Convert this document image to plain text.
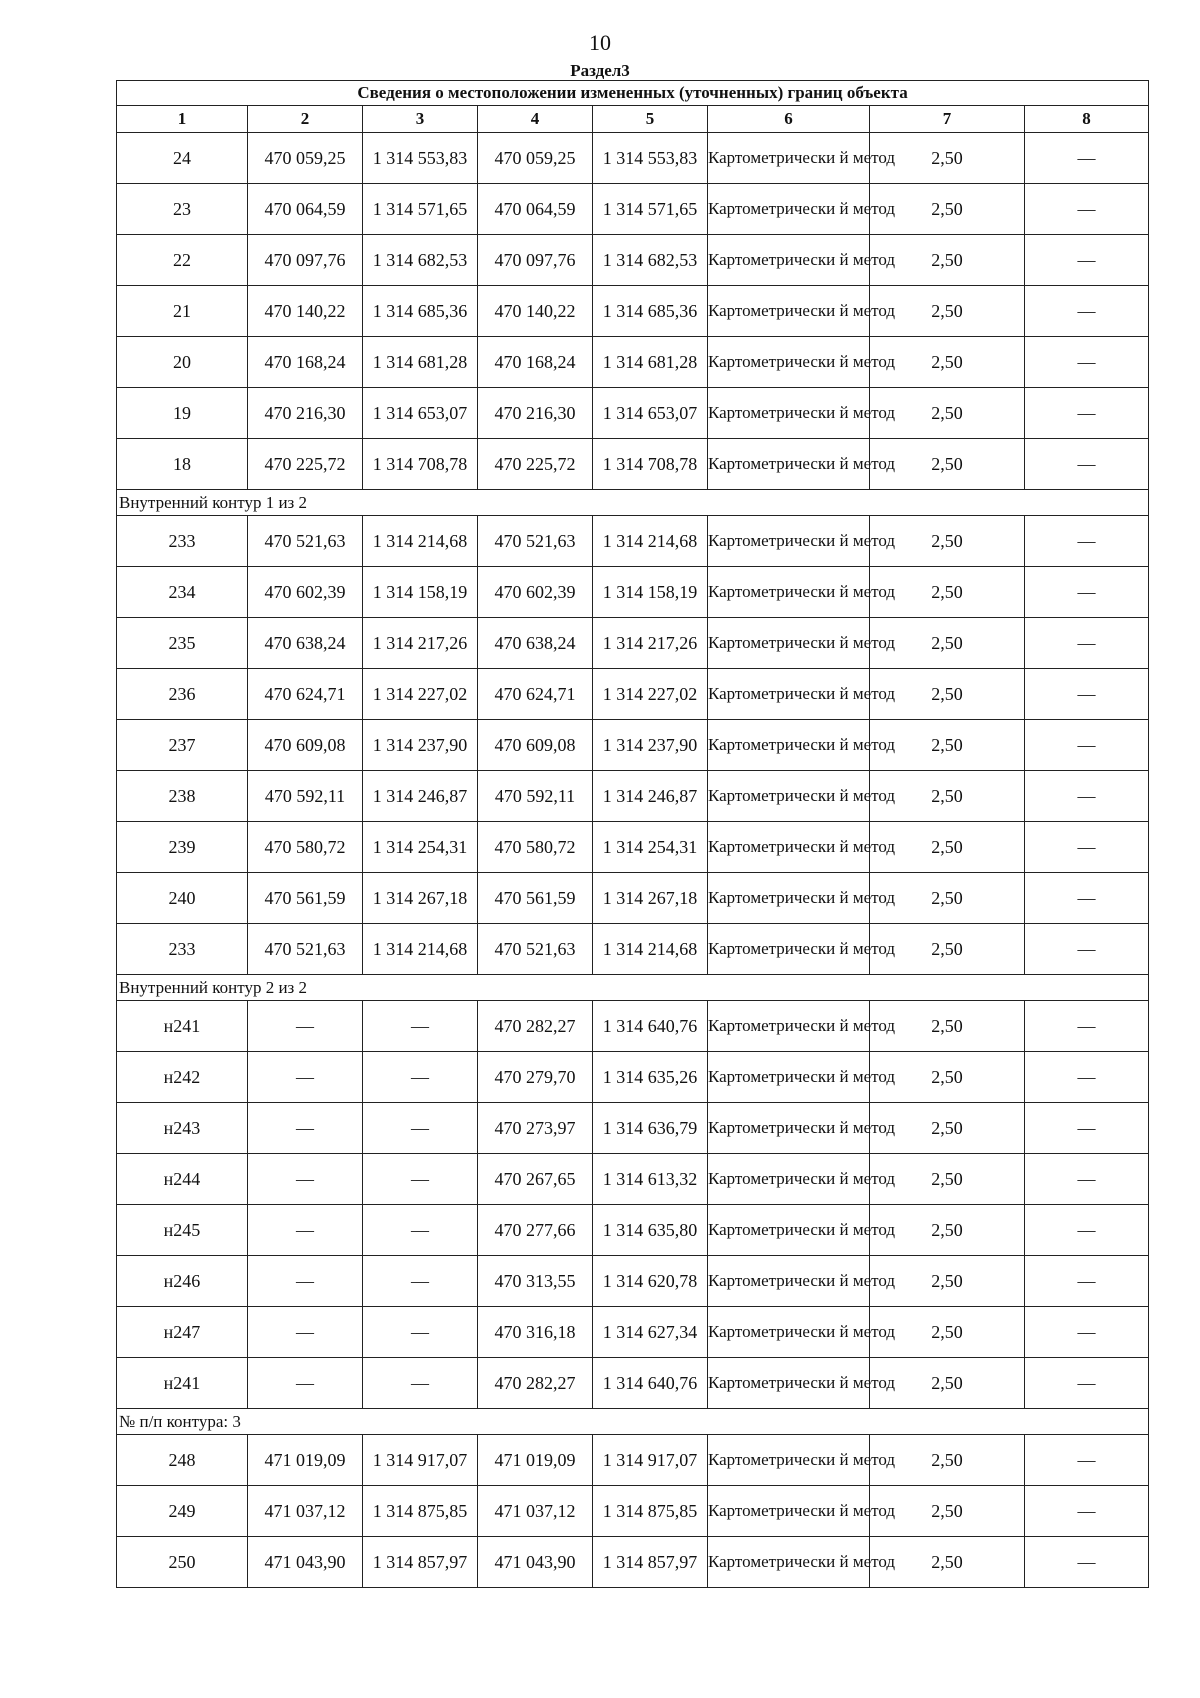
10
Раздел3
Сведения о местоположении измененных (уточненных) границ объекта							
1	2	3	4	5	6	7	8
24	470 059,25	1 314 553,83	470 059,25	1 314 553,83	Картометрически й метод	2,50	—
23	470 064,59	1 314 571,65	470 064,59	1 314 571,65	Картометрически й метод	2,50	—
22	470 097,76	1 314 682,53	470 097,76	1 314 682,53	Картометрически й метод	2,50	—
21	470 140,22	1 314 685,36	470 140,22	1 314 685,36	Картометрически й метод	2,50	—
20	470 168,24	1 314 681,28	470 168,24	1 314 681,28	Картометрически й метод	2,50	—
19	470 216,30	1 314 653,07	470 216,30	1 314 653,07	Картометрически й метод	2,50	—
18	470 225,72	1 314 708,78	470 225,72	1 314 708,78	Картометрически й метод	2,50	—
Внутренний контур 1 из 2							
233	470 521,63	1 314 214,68	470 521,63	1 314 214,68	Картометрически й метод	2,50	—
234	470 602,39	1 314 158,19	470 602,39	1 314 158,19	Картометрически й метод	2,50	—
235	470 638,24	1 314 217,26	470 638,24	1 314 217,26	Картометрически й метод	2,50	—
236	470 624,71	1 314 227,02	470 624,71	1 314 227,02	Картометрически й метод	2,50	—
237	470 609,08	1 314 237,90	470 609,08	1 314 237,90	Картометрически й метод	2,50	—
238	470 592,11	1 314 246,87	470 592,11	1 314 246,87	Картометрически й метод	2,50	—
239	470 580,72	1 314 254,31	470 580,72	1 314 254,31	Картометрически й метод	2,50	—
240	470 561,59	1 314 267,18	470 561,59	1 314 267,18	Картометрически й метод	2,50	—
233	470 521,63	1 314 214,68	470 521,63	1 314 214,68	Картометрически й метод	2,50	—
Внутренний контур 2 из 2							
н241	—	—	470 282,27	1 314 640,76	Картометрически й метод	2,50	—
н242	—	—	470 279,70	1 314 635,26	Картометрически й метод	2,50	—
н243	—	—	470 273,97	1 314 636,79	Картометрически й метод	2,50	—
н244	—	—	470 267,65	1 314 613,32	Картометрически й метод	2,50	—
н245	—	—	470 277,66	1 314 635,80	Картометрически й метод	2,50	—
н246	—	—	470 313,55	1 314 620,78	Картометрически й метод	2,50	—
н247	—	—	470 316,18	1 314 627,34	Картометрически й метод	2,50	—
н241	—	—	470 282,27	1 314 640,76	Картометрически й метод	2,50	—
№ п/п контура: 3							
248	471 019,09	1 314 917,07	471 019,09	1 314 917,07	Картометрически й метод	2,50	—
249	471 037,12	1 314 875,85	471 037,12	1 314 875,85	Картометрически й метод	2,50	—
250	471 043,90	1 314 857,97	471 043,90	1 314 857,97	Картометрически й метод	2,50	—
